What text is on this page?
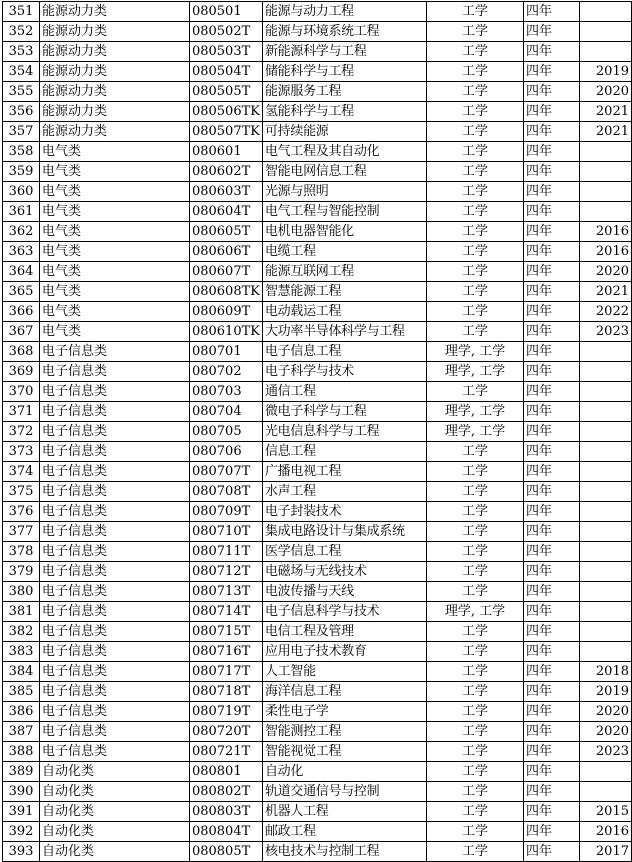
351	能源动力类	080501	能源与动力工程	工学	四年	
352	能源动力类	080502T	能源与环境系统工程	工学	四年	
353	能源动力类	080503T	新能源科学与工程	工学	四年	
354	能源动力类	080504T	储能科学与工程	工学	四年	2019
355	能源动力类	080505T	能源服务工程	工学	四年	2020
356	能源动力类	080506TK	氢能科学与工程	工学	四年	2021
357	能源动力类	080507TK	可持续能源	工学	四年	2021
358	电气类	080601	电气工程及其自动化	工学	四年	
359	电气类	080602T	智能电网信息工程	工学	四年	
360	电气类	080603T	光源与照明	工学	四年	
361	电气类	080604T	电气工程与智能控制	工学	四年	
362	电气类	080605T	电机电器智能化	工学	四年	2016
363	电气类	080606T	电缆工程	工学	四年	2016
364	电气类	080607T	能源互联网工程	工学	四年	2020
365	电气类	080608TK	智慧能源工程	工学	四年	2021
366	电气类	080609T	电动载运工程	工学	四年	2022
367	电气类	080610TK	大功率半导体科学与工程	工学	四年	2023
368	电子信息类	080701	电子信息工程	理学, 工学	四年	
369	电子信息类	080702	电子科学与技术	理学, 工学	四年	
370	电子信息类	080703	通信工程	工学	四年	
371	电子信息类	080704	微电子科学与工程	理学, 工学	四年	
372	电子信息类	080705	光电信息科学与工程	理学, 工学	四年	
373	电子信息类	080706	信息工程	工学	四年	
374	电子信息类	080707T	广播电视工程	工学	四年	
375	电子信息类	080708T	水声工程	工学	四年	
376	电子信息类	080709T	电子封装技术	工学	四年	
377	电子信息类	080710T	集成电路设计与集成系统	工学	四年	
378	电子信息类	080711T	医学信息工程	工学	四年	
379	电子信息类	080712T	电磁场与无线技术	工学	四年	
380	电子信息类	080713T	电波传播与天线	工学	四年	
381	电子信息类	080714T	电子信息科学与技术	理学, 工学	四年	
382	电子信息类	080715T	电信工程及管理	工学	四年	
383	电子信息类	080716T	应用电子技术教育	工学	四年	
384	电子信息类	080717T	人工智能	工学	四年	2018
385	电子信息类	080718T	海洋信息工程	工学	四年	2019
386	电子信息类	080719T	柔性电子学	工学	四年	2020
387	电子信息类	080720T	智能测控工程	工学	四年	2020
388	电子信息类	080721T	智能视觉工程	工学	四年	2023
389	自动化类	080801	自动化	工学	四年	
390	自动化类	080802T	轨道交通信号与控制	工学	四年	
391	自动化类	080803T	机器人工程	工学	四年	2015
392	自动化类	080804T	邮政工程	工学	四年	2016
393	自动化类	080805T	核电技术与控制工程	工学	四年	2017
